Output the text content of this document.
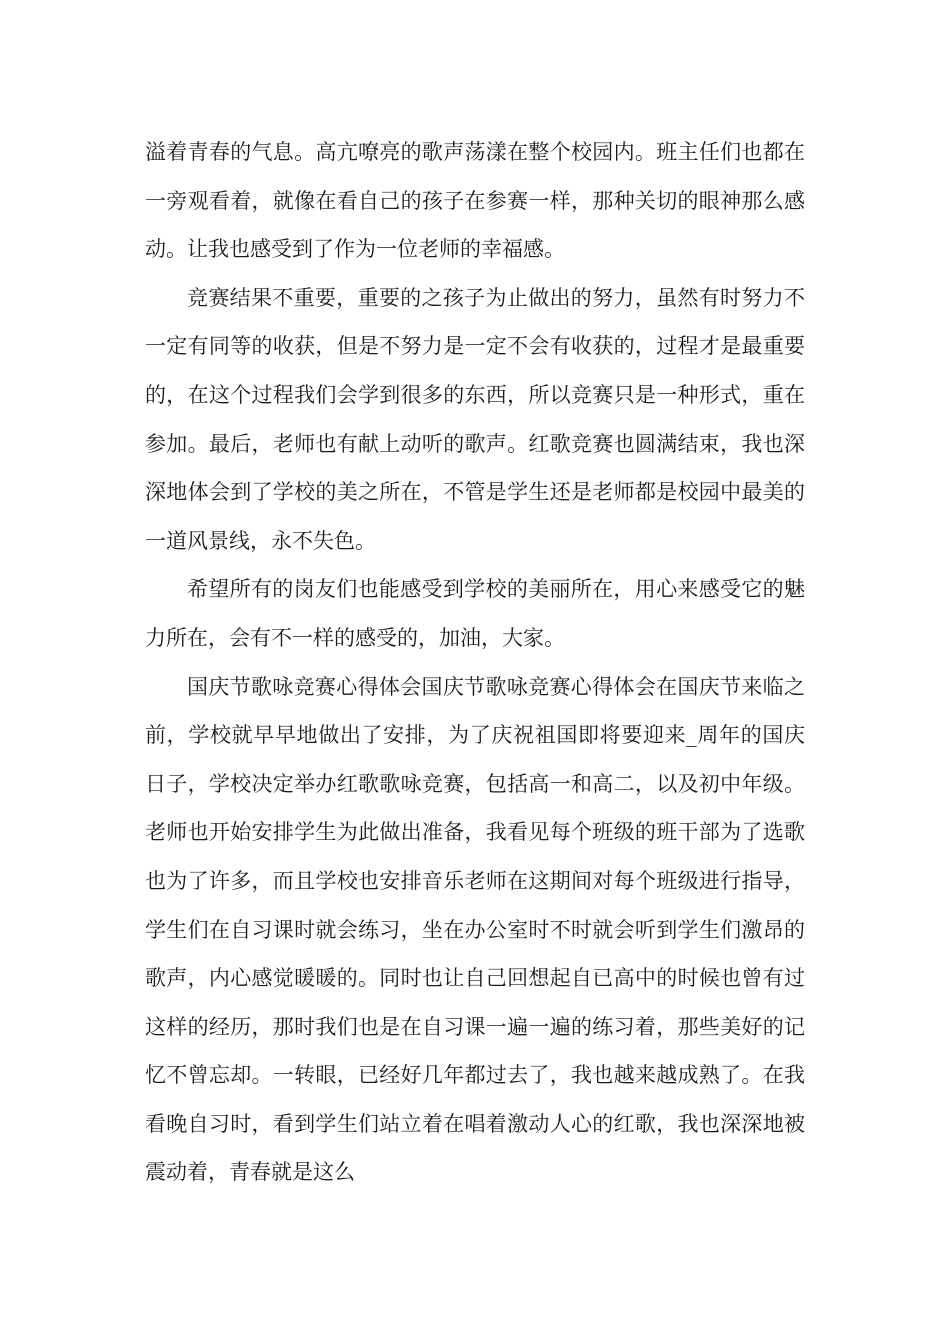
溢着青春的气息。高亢嘹亮的歌声荡漾在整个校园内。班主任们也都在一旁观看着，就像在看自己的孩子在参赛一样，那种关切的眼神那么感动。让我也感受到了作为一位老师的幸福感。

竞赛结果不重要，重要的之孩子为止做出的努力，虽然有时努力不一定有同等的收获，但是不努力是一定不会有收获的，过程才是最重要的，在这个过程我们会学到很多的东西，所以竞赛只是一种形式，重在参加。最后，老师也有献上动听的歌声。红歌竞赛也圆满结束，我也深深地体会到了学校的美之所在，不管是学生还是老师都是校园中最美的一道风景线，永不失色。

希望所有的岗友们也能感受到学校的美丽所在，用心来感受它的魅力所在，会有不一样的感受的，加油，大家。

国庆节歌咏竞赛心得体会国庆节歌咏竞赛心得体会在国庆节来临之前，学校就早早地做出了安排，为了庆祝祖国即将要迎来_周年的国庆日子，学校决定举办红歌歌咏竞赛，包括高一和高二，以及初中年级。老师也开始安排学生为此做出准备，我看见每个班级的班干部为了选歌也为了许多，而且学校也安排音乐老师在这期间对每个班级进行指导，学生们在自习课时就会练习，坐在办公室时不时就会听到学生们激昂的歌声，内心感觉暖暖的。同时也让自己回想起自已高中的时候也曾有过这样的经历，那时我们也是在自习课一遍一遍的练习着，那些美好的记忆不曾忘却。一转眼，已经好几年都过去了，我也越来越成熟了。在我看晚自习时，看到学生们站立着在唱着激动人心的红歌，我也深深地被震动着，青春就是这么
